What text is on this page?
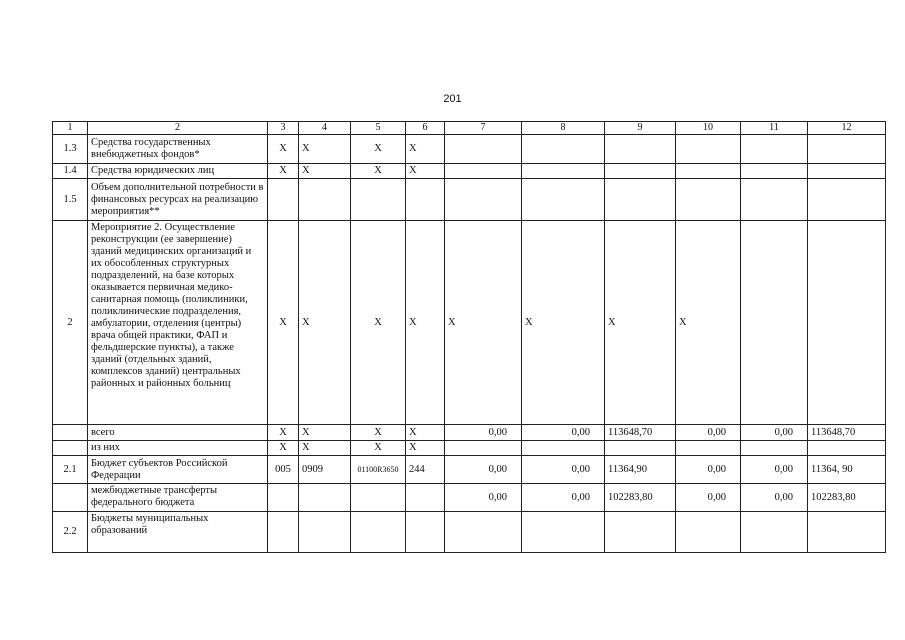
201
1	2	3	4	5	6	7	8	9	10	11	12
1.3	Средства государственных внебюджетных фондов*	X	X	X	X						
1.4	Средства юридических лиц	X	X	X	X						
1.5	Объем дополнительной потребности в финансовых ресурсах на реализацию мероприятия**										
2	Мероприятие 2. Осуществление реконструкции (ее завершение) зданий медицинских организаций и их обособленных структурных подразделений, на базе которых оказывается первичная медико-санитарная помощь (поликлиники, поликлинические подразделения, амбулатории, отделения (центры) врача общей практики, ФАП и фельдшерские пункты), а также зданий (отдельных зданий, комплексов зданий) центральных районных и районных больниц	X	X	X	X	X	X	X	X		
	всего	X	X	X	X	0,00	0,00	113648,70	0,00	0,00	113648,70
	из них	X	X	X	X						
2.1	Бюджет субъектов Российской Федерации	005	0909	01100R3650	244	0,00	0,00	11364,90	0,00	0,00	11364, 90
	межбюджетные трансферты федерального бюджета					0,00	0,00	102283,80	0,00	0,00	102283,80
2.2	Бюджеты муниципальных образований										
